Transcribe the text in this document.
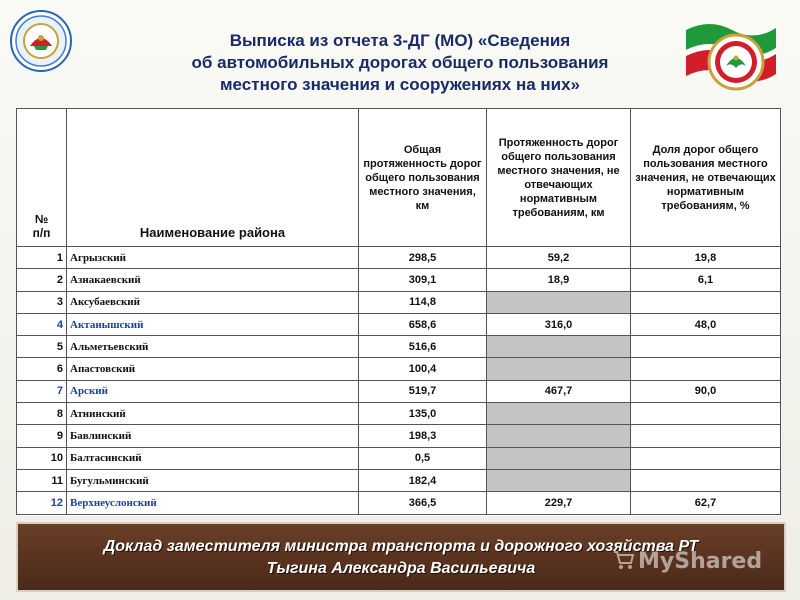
Выписка из отчета 3-ДГ (МО) «Сведения
об автомобильных дорогах общего пользования
местного значения и сооружениях на них»
№
п/п	Наименование района	Общая протяженность дорог общего пользования местного значения, км	Протяженность дорог общего пользования местного значения, не отвечающих нормативным требованиям, км	Доля дорог общего пользования местного значения, не отвечающих нормативным требованиям, %
1	Агрызский	298,5	59,2	19,8
2	Азнакаевский	309,1	18,9	6,1
3	Аксубаевский	114,8		
4	Актанышский	658,6	316,0	48,0
5	Альметьевский	516,6		
6	Апастовский	100,4		
7	Арский	519,7	467,7	90,0
8	Атнинский	135,0		
9	Бавлинский	198,3		
10	Балтасинский	0,5		
11	Бугульминский	182,4		
12	Верхнеуслонский	366,5	229,7	62,7
Доклад заместителя министра транспорта и дорожного хозяйства РТ
Тыгина Александра Васильевича	MyShared
